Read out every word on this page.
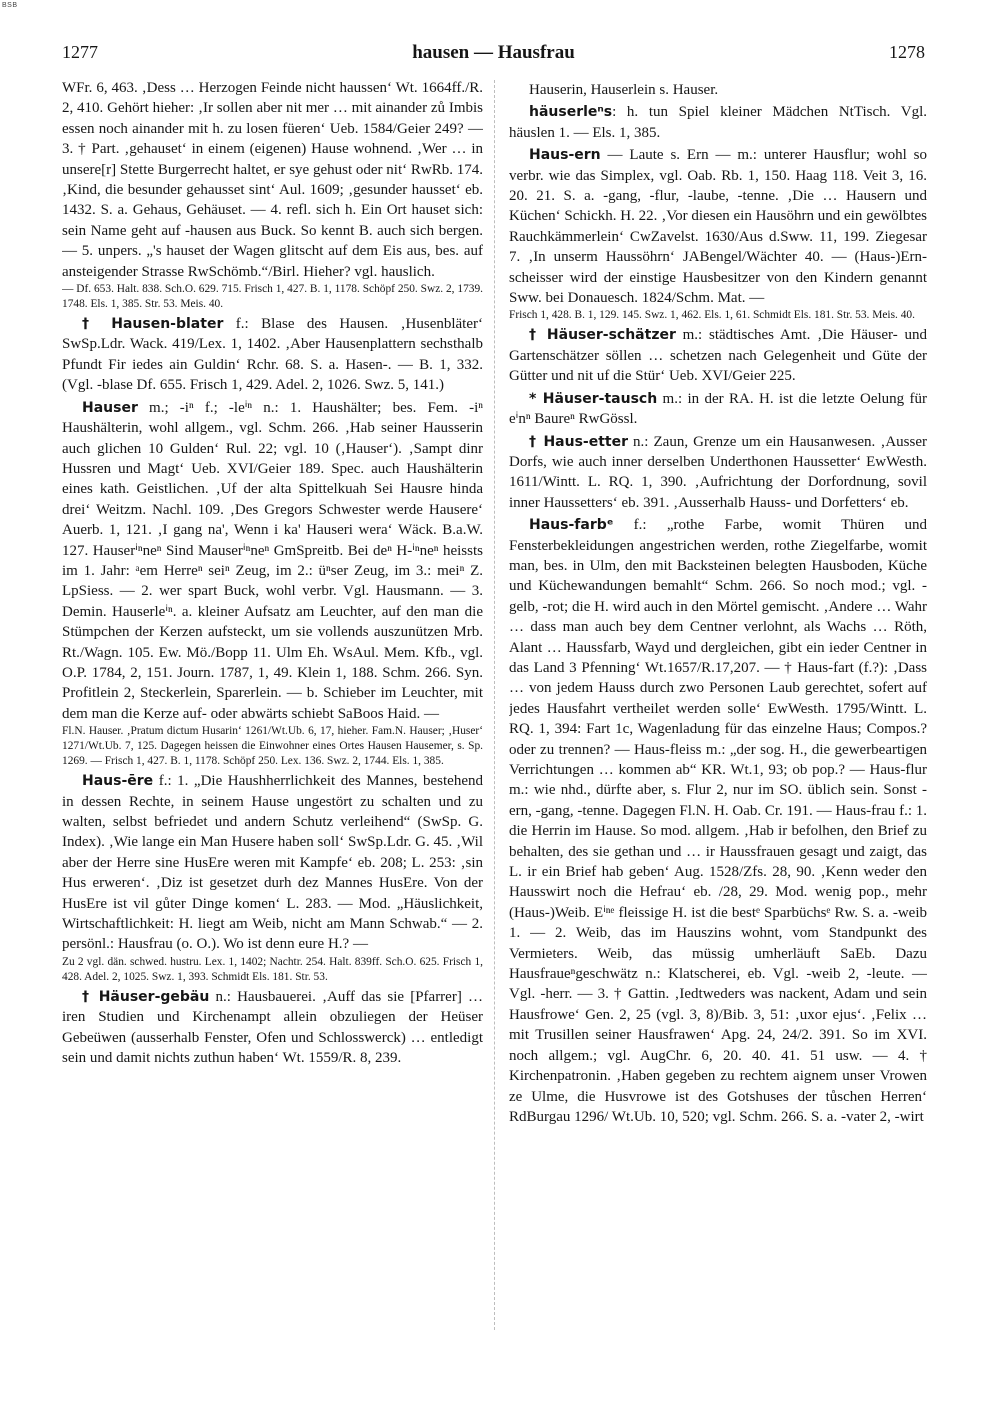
BSB
1277	hausen — Hausfrau	1278

WFr. 6, 463. ‚Dess … Herzogen Feinde nicht haussen‘ Wt. 1664ff./R. 2, 410. Gehört hieher: ‚Ir sollen aber nit mer … mit ainander zů Imbis essen noch ainander mit h. zu losen füeren‘ Ueb. 1584/Geier 249? — 3. † Part. ‚gehauset‘ in einem (eigenen) Hause wohnend. ‚Wer … in unsere[r] Stette Burgerrecht haltet, er sye gehust oder nit‘ RwRb. 174. ‚Kind, die besunder gehausset sint‘ Aul. 1609; ‚gesunder hausset‘ eb. 1432. S. a. Gehaus, Gehäuset. — 4. refl. sich h. Ein Ort hauset sich: sein Name geht auf -hausen aus Buck. So kennt B. auch sich bergen. — 5. unpers. „'s hauset der Wagen glitscht auf dem Eis aus, bes. auf ansteigender Strasse RwSchömb.“/Birl. Hieher? vgl. hauslich.

— Df. 653. Halt. 838. Sch.O. 629. 715. Frisch 1, 427. B. 1, 1178. Schöpf 250. Swz. 2, 1739. 1748. Els. 1, 385. Str. 53. Meis. 40.

† Hausen-blater f.: Blase des Hausen. ‚Husenbläter‘ SwSp.Ldr. Wack. 419/Lex. 1, 1402. ‚Aber Hausenplattern sechsthalb Pfundt Fir iedes ain Guldin‘ Rchr. 68. S. a. Hasen-. — B. 1, 332. (Vgl. -blase Df. 655. Frisch 1, 429. Adel. 2, 1026. Swz. 5, 141.)

Hauser m.; -iⁿ f.; -leⁱⁿ n.: 1. Haushälter; bes. Fem. -iⁿ Haushälterin, wohl allgem., vgl. Schm. 266. ‚Hab seiner Hausserin auch glichen 10 Gulden‘ Rul. 22; vgl. 10 (‚Hauser‘). ‚Sampt dinr Hussren und Magt‘ Ueb. XVI/Geier 189. Spec. auch Haushälterin eines kath. Geistlichen. ‚Uf der alta Spittelkuah Sei Hausre hinda drei‘ Weitzm. Nachl. 109. ‚Des Gregors Schwester werde Hausere‘ Auerb. 1, 121. ‚I gang na', Wenn i ka' Hauseri wera‘ Wäck. B.a.W. 127. Hauserⁱⁿneⁿ Sind Mauserⁱⁿneⁿ GmSpreitb. Bei deⁿ H-ⁱⁿneⁿ heissts im 1. Jahr: ᵃem Herreⁿ seiⁿ Zeug, im 2.: üⁿser Zeug, im 3.: meiⁿ Z. LpSiess. — 2. wer spart Buck, wohl verbr. Vgl. Hausmann. — 3. Demin. Hauserleⁱⁿ. a. kleiner Aufsatz am Leuchter, auf den man die Stümpchen der Kerzen aufsteckt, um sie vollends auszunützen Mrb. Rt./Wagn. 105. Ew. Mö./Bopp 11. Ulm Eh. WsAul. Mem. Kfb., vgl. O.P. 1784, 2, 151. Journ. 1787, 1, 49. Klein 1, 188. Schm. 266. Syn. Profitlein 2, Steckerlein, Sparerlein. — b. Schieber im Leuchter, mit dem man die Kerze auf- oder abwärts schiebt SaBoos Haid. —

Fl.N. Hauser. ‚Pratum dictum Husarin‘ 1261/Wt.Ub. 6, 17, hieher. Fam.N. Hauser; ‚Huser‘ 1271/Wt.Ub. 7, 125. Dagegen heissen die Einwohner eines Ortes Hausen Hausemer, s. Sp. 1269. — Frisch 1, 427. B. 1, 1178. Schöpf 250. Lex. 136. Swz. 2, 1744. Els. 1, 385.

Haus-ēre f.: 1. „Die Haushherrlichkeit des Mannes, bestehend in dessen Rechte, in seinem Hause ungestört zu schalten und zu walten, selbst befriedet und andern Schutz verleihend“ (SwSp. G. Index). ‚Wie lange ein Man Husere haben soll‘ SwSp.Ldr. G. 45. ‚Wil aber der Herre sine HusEre weren mit Kampfe‘ eb. 208; L. 253: ‚sin Hus erweren‘. ‚Diz ist gesetzet durh dez Mannes HusEre. Von der HusEre ist vil gůter Dinge komen‘ L. 283. — Mod. „Häuslichkeit, Wirtschaftlichkeit: H. liegt am Weib, nicht am Mann Schwab.“ — 2. persönl.: Hausfrau (o. O.). Wo ist denn eure H.? —

Zu 2 vgl. dän. schwed. hustru. Lex. 1, 1402; Nachtr. 254. Halt. 839ff. Sch.O. 625. Frisch 1, 428. Adel. 2, 1025. Swz. 1, 393. Schmidt Els. 181. Str. 53.

† Häuser-gebäu n.: Hausbauerei. ‚Auff das sie [Pfarrer] … iren Studien und Kirchenampt allein obzuliegen der Heüser Gebeüwen (ausserhalb Fenster, Ofen und Schlosswerck) … entledigt sein und damit nichts zuthun haben‘ Wt. 1559/R. 8, 239.

Hauserin, Hauserlein s. Hauser.

häuserleⁿs: h. tun Spiel kleiner Mädchen NtTisch. Vgl. häuslen 1. — Els. 1, 385.

Haus-ern — Laute s. Ern — m.: unterer Hausflur; wohl so verbr. wie das Simplex, vgl. Oab. Rb. 1, 150. Haag 118. Veit 3, 16. 20. 21. S. a. -gang, -flur, -laube, -tenne. ‚Die … Hausern und Küchen‘ Schickh. H. 22. ‚Vor diesen ein Hausöhrn und ein gewölbtes Rauchkämmerlein‘ CwZavelst. 1630/Aus d.Sww. 11, 199. Ziegesar 7. ‚In unserm Haussöhrn‘ JABengel/Wächter 40. — (Haus-)Ern-scheisser wird der einstige Hausbesitzer von den Kindern genannt Sww. bei Donauesch. 1824/Schm. Mat. —

Frisch 1, 428. B. 1, 129. 145. Swz. 1, 462. Els. 1, 61. Schmidt Els. 181. Str. 53. Meis. 40.

† Häuser-schätzer m.: städtisches Amt. ‚Die Häuser- und Gartenschätzer söllen … schetzen nach Gelegenheit und Güte der Gütter und nit uf die Stür‘ Ueb. XVI/Geier 225.

* Häuser-tausch m.: in der RA. H. ist die letzte Oelung für eⁱnⁿ Baureⁿ RwGössl.

† Haus-etter n.: Zaun, Grenze um ein Hausanwesen. ‚Ausser Dorfs, wie auch inner derselben Underthonen Haussetter‘ EwWesth. 1611/Wintt. L. RQ. 1, 390. ‚Aufrichtung der Dorfordnung, sovil inner Haussetters‘ eb. 391. ‚Ausserhalb Hauss- und Dorfetters‘ eb.

Haus-farbᵉ f.: „rothe Farbe, womit Thüren und Fensterbekleidungen angestrichen werden, rothe Ziegelfarbe, womit man, bes. in Ulm, den mit Backsteinen belegten Hausboden, Küche und Küchewandungen bemahlt“ Schm. 266. So noch mod.; vgl. -gelb, -rot; die H. wird auch in den Mörtel gemischt. ‚Andere … Wahr … dass man auch bey dem Centner verlohnt, als Wachs … Röth, Alant … Haussfarb, Wayd und dergleichen, gibt ein ieder Centner in das Land 3 Pfenning‘ Wt.1657/R.17,207. — † Haus-fart (f.?): ‚Dass … von jedem Hauss durch zwo Personen Laub gerechtet, sofert auf jedes Hausfahrt vertheilet werden solle‘ EwWesth. 1795/Wintt. L. RQ. 1, 394: Fart 1c, Wagenladung für das einzelne Haus; Compos.? oder zu trennen? — Haus-fleiss m.: „der sog. H., die gewerbeartigen Verrichtungen … kommen ab“ KR. Wt.1, 93; ob pop.? — Haus-flur m.: wie nhd., dürfte aber, s. Flur 2, nur im SO. üblich sein. Sonst -ern, -gang, -tenne. Dagegen Fl.N. H. Oab. Cr. 191. — Haus-frau f.: 1. die Herrin im Hause. So mod. allgem. ‚Hab ir befolhen, den Brief zu behalten, des sie gethan und … ir Haussfrauen gesagt und zaigt, das L. ir ein Brief hab geben‘ Aug. 1528/Zfs. 28, 90. ‚Kenn weder den Hausswirt noch die Hefrau‘ eb. /28, 29. Mod. wenig pop., mehr (Haus-)Weib. Eⁱⁿᵉ fleissige H. ist die bestᵉ Sparbüchsᵉ Rw. S. a. -weib 1. — 2. Weib, das im Hauszins wohnt, vom Standpunkt des Vermieters. Weib, das müssig umherläuft SaEb. Dazu Hausfraueⁿgeschwätz n.: Klatscherei, eb. Vgl. -weib 2, -leute. — Vgl. -herr. — 3. † Gattin. ‚Iedtweders was nackent, Adam und sein Hausfrowe‘ Gen. 2, 25 (vgl. 3, 8)/Bib. 3, 51: ‚uxor ejus‘. ‚Felix … mit Trusillen seiner Hausfrawen‘ Apg. 24, 24/2. 391. So im XVI. noch allgem.; vgl. AugChr. 6, 20. 40. 41. 51 usw. — 4. † Kirchenpatronin. ‚Haben gegeben zu rechtem aignem unser Vrowen ze Ulme, die Husvrowe ist des Gotshuses der tůschen Herren‘ RdBurgau 1296/ Wt.Ub. 10, 520; vgl. Schm. 266. S. a. -vater 2, -wirt
